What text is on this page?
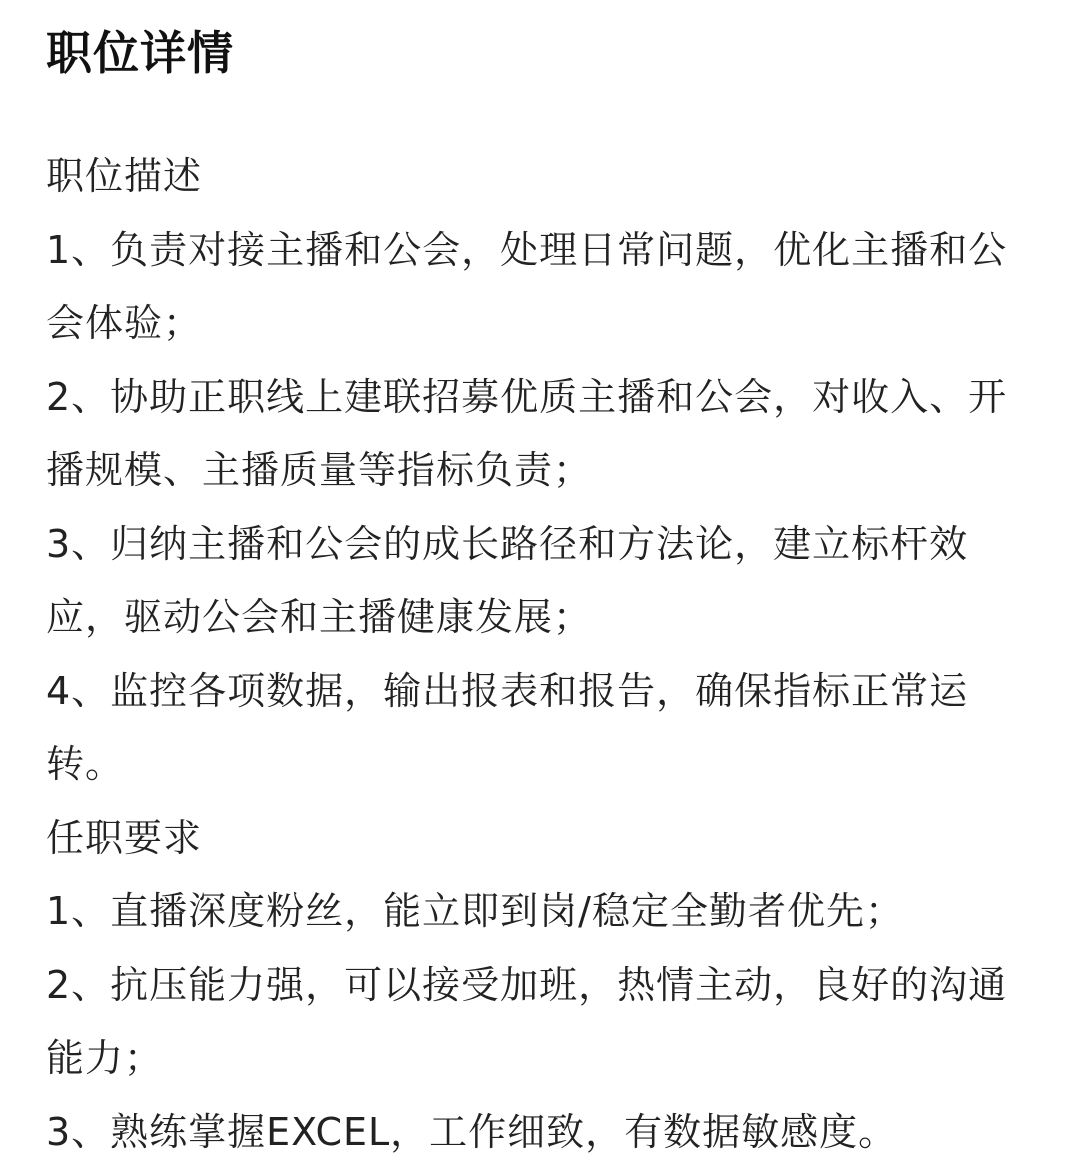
职位详情

职位描述

1、负责对接主播和公会，处理日常问题，优化主播和公会体验；

2、协助正职线上建联招募优质主播和公会，对收入、开播规模、主播质量等指标负责；

3、归纳主播和公会的成长路径和方法论，建立标杆效应，驱动公会和主播健康发展；

4、监控各项数据，输出报表和报告，确保指标正常运转。

任职要求

1、直播深度粉丝，能立即到岗/稳定全勤者优先；

2、抗压能力强，可以接受加班，热情主动，良好的沟通能力；

3、熟练掌握EXCEL，工作细致，有数据敏感度。
